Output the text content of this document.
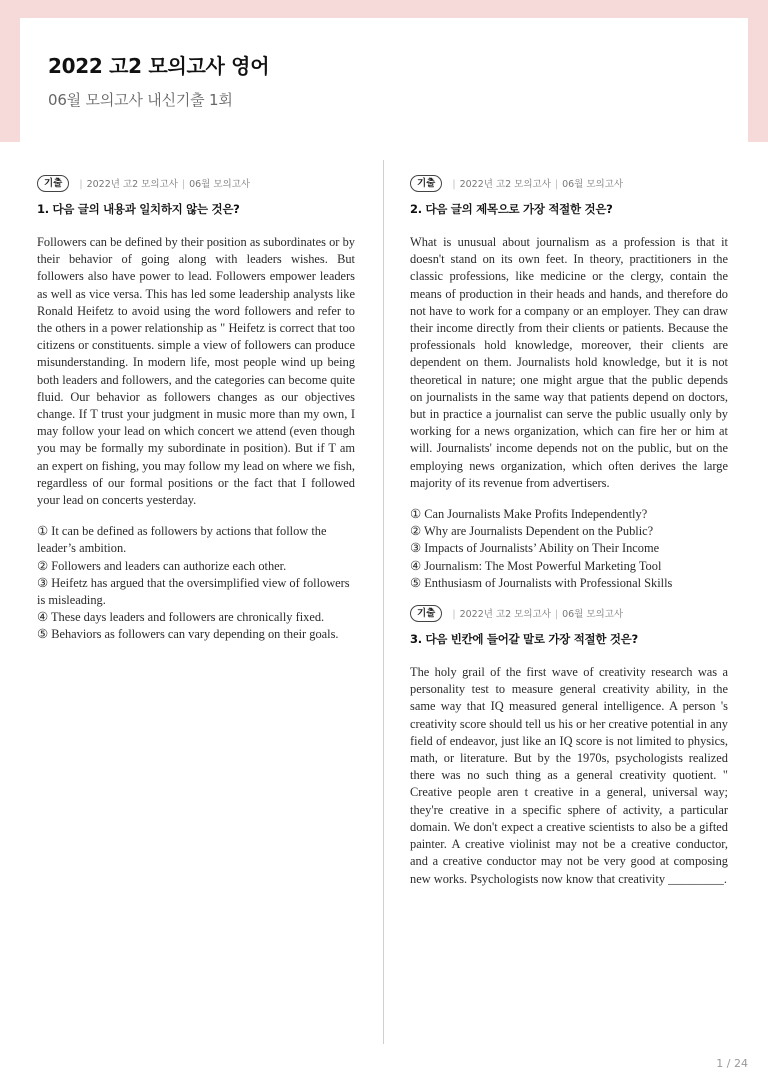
2022 고2 모의고사 영어
06월 모의고사 내신기출 1회
기출	| 2022년 고2 모의고사 | 06월 모의고사
1. 다음 글의 내용과 일치하지 않는 것은?

Followers can be defined by their position as subordinates or by their behavior of going along with leaders wishes. But followers also have power to lead. Followers empower leaders as well as vice versa. This has led some leadership analysts like Ronald Heifetz to avoid using the word followers and refer to the others in a power relationship as " Heifetz is correct that too citizens or constituents. simple a view of followers can produce misunderstanding. In modern life, most people wind up being both leaders and followers, and the categories can become quite fluid. Our behavior as followers changes as our objectives change. If T trust your judgment in music more than my own, I may follow your lead on which concert we attend (even though you may be formally my subordinate in position). But if T am an expert on fishing, you may follow my lead on where we fish, regardless of our formal positions or the fact that I followed your lead on concerts yesterday.

① It can be defined as followers by actions that follow the leader’s ambition.
② Followers and leaders can authorize each other.
③ Heifetz has argued that the oversimplified view of followers is misleading.
④ These days leaders and followers are chronically fixed.
⑤ Behaviors as followers can vary depending on their goals.
기출	| 2022년 고2 모의고사 | 06월 모의고사
2. 다음 글의 제목으로 가장 적절한 것은?

What is unusual about journalism as a profession is that it doesn't stand on its own feet. In theory, practitioners in the classic professions, like medicine or the clergy, contain the means of production in their heads and hands, and therefore do not have to work for a company or an employer. They can draw their income directly from their clients or patients. Because the professionals hold knowledge, moreover, their clients are dependent on them. Journalists hold knowledge, but it is not theoretical in nature; one might argue that the public depends on journalists in the same way that patients depend on doctors, but in practice a journalist can serve the public usually only by working for a news organization, which can fire her or him at will. Journalists' income depends not on the public, but on the employing news organization, which often derives the large majority of its revenue from advertisers.

① Can Journalists Make Profits Independently?
② Why are Journalists Dependent on the Public?
③ Impacts of Journalists’ Ability on Their Income
④ Journalism: The Most Powerful Marketing Tool
⑤ Enthusiasm of Journalists with Professional Skills
기출	| 2022년 고2 모의고사 | 06월 모의고사
3. 다음 빈칸에 들어갈 말로 가장 적절한 것은?

The holy grail of the first wave of creativity research was a personality test to measure general creativity ability, in the same way that IQ measured general intelligence. A person 's creativity score should tell us his or her creative potential in any field of endeavor, just like an IQ score is not limited to physics, math, or literature. But by the 1970s, psychologists realized there was no such thing as a general creativity quotient. " Creative people aren t creative in a general, universal way; they're creative in a specific sphere of activity, a particular domain. We don't expect a creative scientists to also be a gifted painter. A creative violinist may not be a creative conductor, and a creative conductor may not be very good at composing new works. Psychologists now know that creativity _________.

1 / 24
